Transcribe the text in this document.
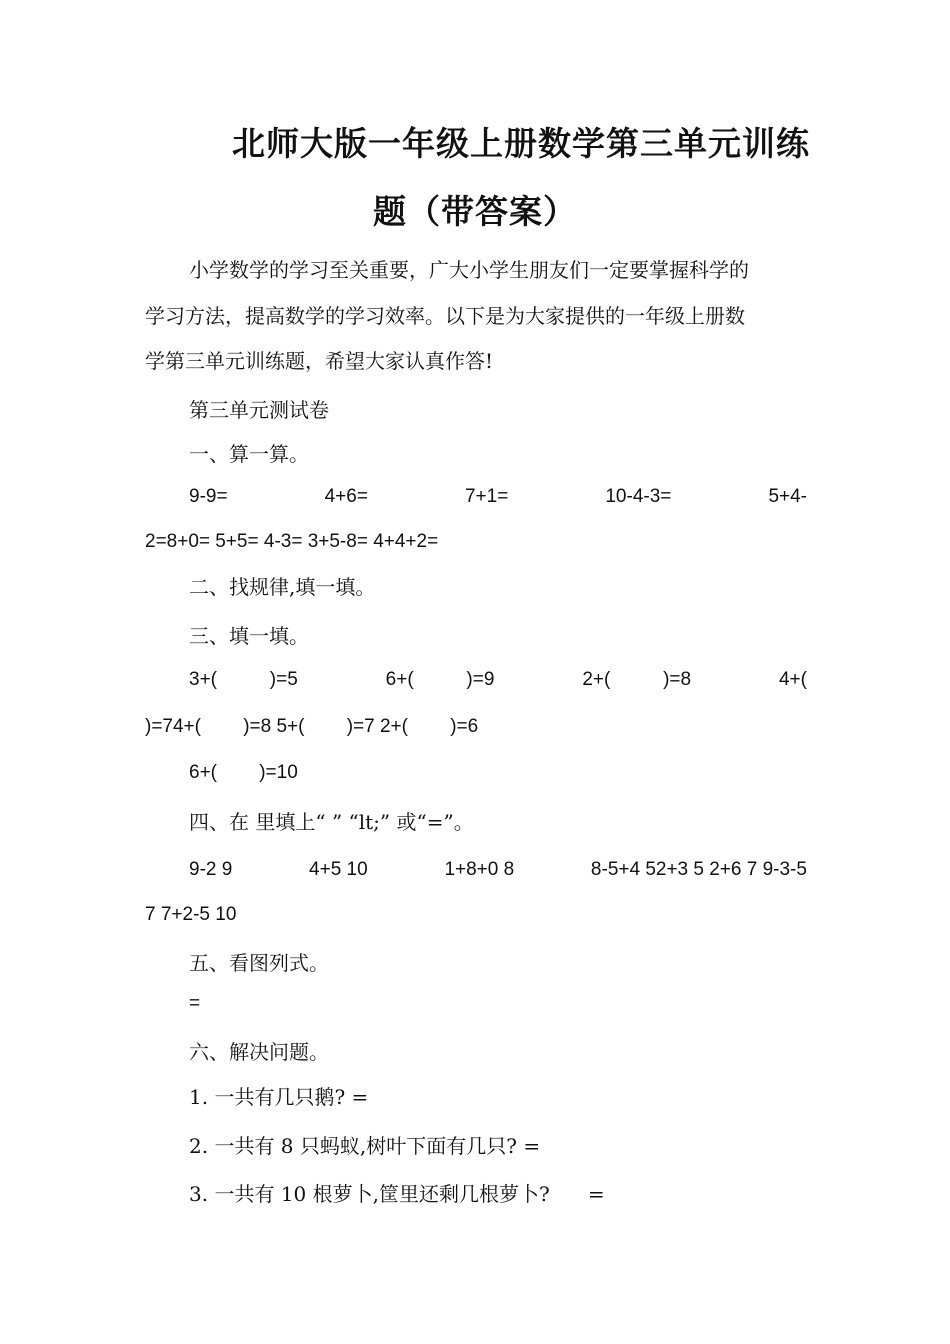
北师大版一年级上册数学第三单元训练
题（带答案）
小学数学的学习至关重要，广大小学生朋友们一定要掌握科学的
学习方法，提高数学的学习效率。以下是为大家提供的一年级上册数
学第三单元训练题，希望大家认真作答!
第三单元测试卷
一、算一算。
9-9=	4+6=	7+1=	10-4-3=	5+4-
2=8+0= 5+5= 4-3= 3+5-8= 4+4+2=
二、找规律,填一填。
三、填一填。
3+(          )=5	6+(          )=9	2+(          )=8	4+(
)=74+(        )=8 5+(        )=7 2+(        )=6
6+(        )=10
四、在 里填上“ ” “lt;” 或“=”。
9-2 9	4+5 10	1+8+0 8	8-5+4 52+3 5 2+6 7 9-3-5
7 7+2-5 10
五、看图列式。
=
六、解决问题。
1. 一共有几只鹅? =
2. 一共有 8 只蚂蚁,树叶下面有几只? =
3. 一共有 10 根萝卜,筐里还剩几根萝卜?      =
